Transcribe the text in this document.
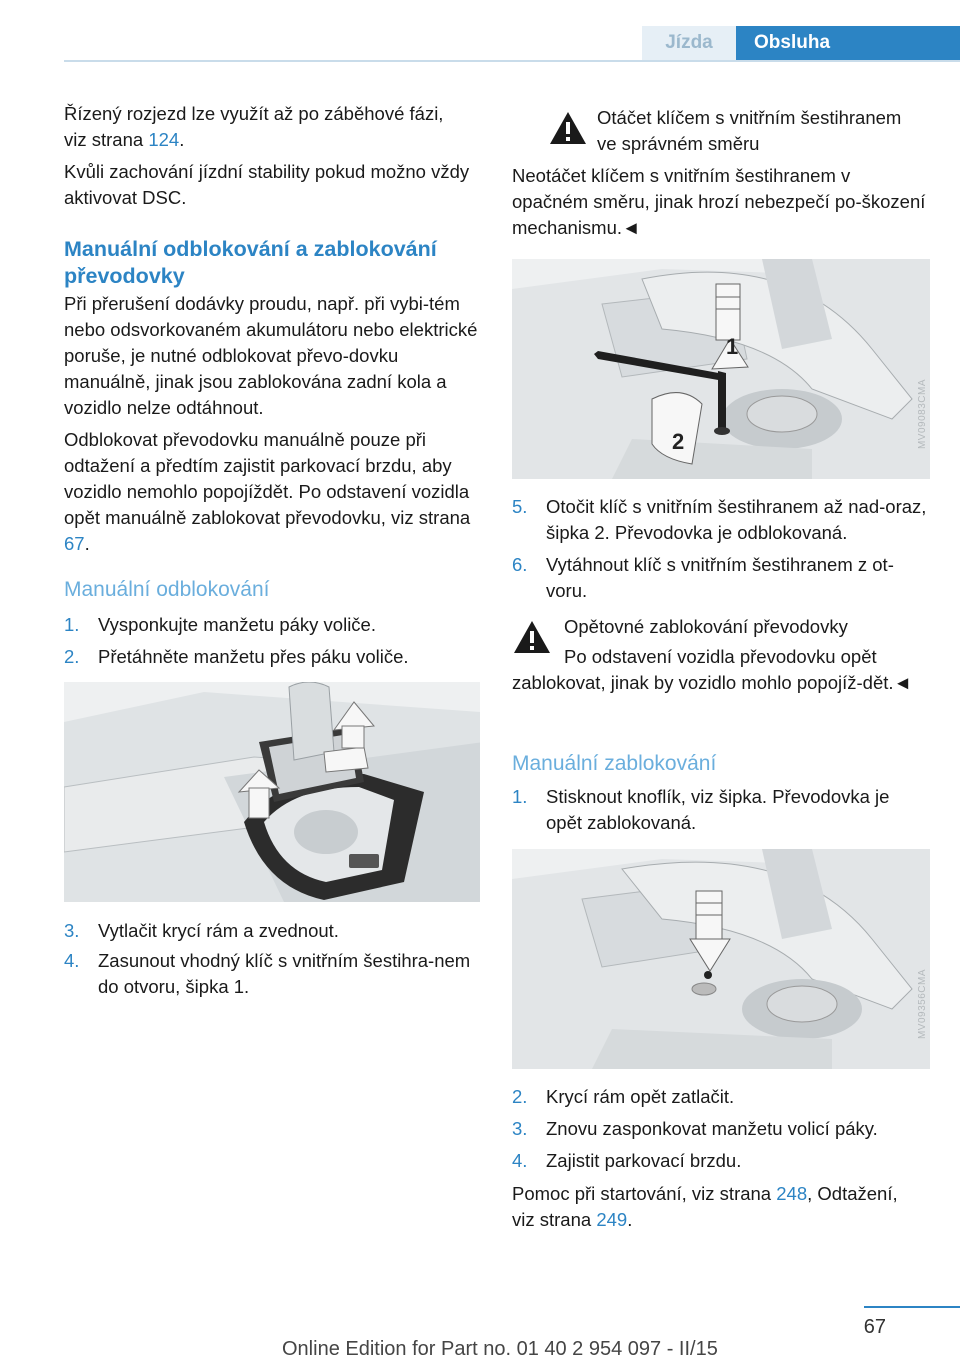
Jízda	Obsluha
Řízený rozjezd lze využít až po záběhové fázi,
viz strana 124.
Kvůli zachování jízdní stability pokud možno vždy aktivovat DSC.
Manuální odblokování a zablokování převodovky
Při přerušení dodávky proudu, např. při vybi-tém nebo odsvorkovaném akumulátoru nebo elektrické poruše, je nutné odblokovat převo-dovku manuálně, jinak jsou zablokována zadní kola a vozidlo nelze odtáhnout.
Odblokovat převodovku manuálně pouze při odtažení a předtím zajistit parkovací brzdu, aby vozidlo nemohlo popojíždět. Po odstavení vozidla opět manuálně zablokovat převodovku, viz strana 67.
Manuální odblokování
1.	Vysponkujte manžetu páky voliče.
2.	Přetáhněte manžetu přes páku voliče.
3.	Vytlačit krycí rám a zvednout.
4.	Zasunout vhodný klíč s vnitřním šestihra-nem do otvoru, šipka 1.
Otáčet klíčem s vnitřním šestihranem
ve správném směru
Neotáčet klíčem s vnitřním šestihranem v opačném směru, jinak hrozí nebezpečí po-škození mechanismu.◄
1
2	MV09083CMA
5.	Otočit klíč s vnitřním šestihranem až nad-oraz, šipka 2. Převodovka je odblokovaná.
6.	Vytáhnout klíč s vnitřním šestihranem z ot-voru.
Opětovné zablokování převodovky
Po odstavení vozidla převodovku opět
zablokovat, jinak by vozidlo mohlo popojíž-dět.◄
Manuální zablokování
1.	Stisknout knoflík, viz šipka. Převodovka je opět zablokovaná.
MV09356CMA
2.	Krycí rám opět zatlačit.
3.	Znovu zasponkovat manžetu volicí páky.
4.	Zajistit parkovací brzdu.
Pomoc při startování, viz strana 248, Odtažení,
viz strana 249.
67
Online Edition for Part no. 01 40 2 954 097 - II/15
